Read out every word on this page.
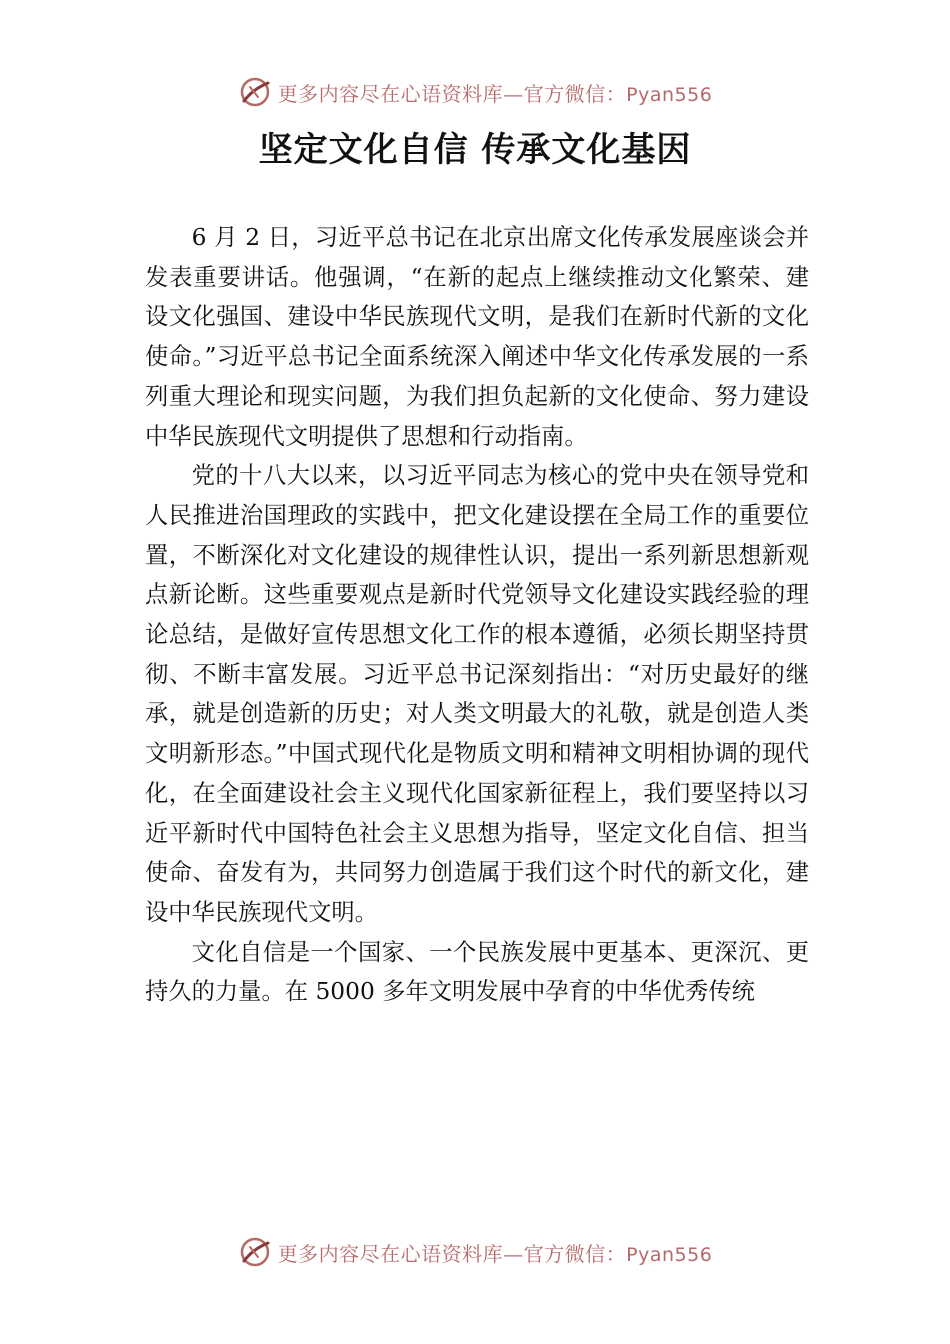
更多内容尽在心语资料库—官方微信：Pyan556
坚定文化自信 传承文化基因

6 月 2 日，习近平总书记在北京出席文化传承发展座谈会并发表重要讲话。他强调，“在新的起点上继续推动文化繁荣、建设文化强国、建设中华民族现代文明，是我们在新时代新的文化使命。”习近平总书记全面系统深入阐述中华文化传承发展的一系列重大理论和现实问题，为我们担负起新的文化使命、努力建设中华民族现代文明提供了思想和行动指南。

党的十八大以来，以习近平同志为核心的党中央在领导党和人民推进治国理政的实践中，把文化建设摆在全局工作的重要位置，不断深化对文化建设的规律性认识，提出一系列新思想新观点新论断。这些重要观点是新时代党领导文化建设实践经验的理论总结，是做好宣传思想文化工作的根本遵循，必须长期坚持贯彻、不断丰富发展。习近平总书记深刻指出：“对历史最好的继承，就是创造新的历史；对人类文明最大的礼敬，就是创造人类文明新形态。”中国式现代化是物质文明和精神文明相协调的现代化，在全面建设社会主义现代化国家新征程上，我们要坚持以习近平新时代中国特色社会主义思想为指导，坚定文化自信、担当使命、奋发有为，共同努力创造属于我们这个时代的新文化，建设中华民族现代文明。

文化自信是一个国家、一个民族发展中更基本、更深沉、更持久的力量。在 5000 多年文明发展中孕育的中华优秀传统

更多内容尽在心语资料库—官方微信：Pyan556
